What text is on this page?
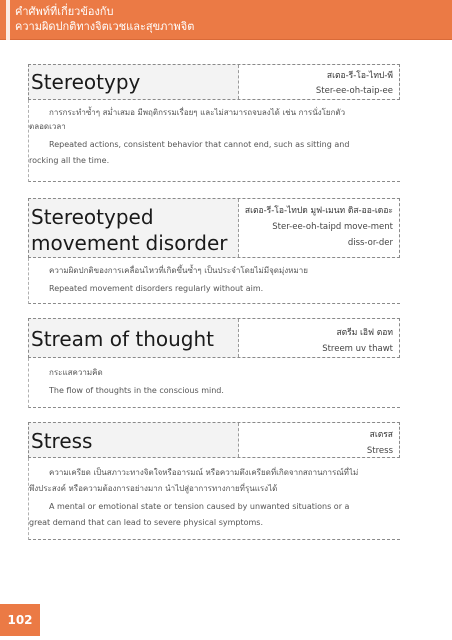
คำศัพท์ที่เกี่ยวข้องกับ
ความผิดปกติทางจิตเวชและสุขภาพจิต
Stereotypy	สเตอ-รี-โอ-ไทป-พี
Ster-ee-oh-taip-ee
การกระทำซ้ำๆ สม่ำเสมอ มีพฤติกรรมเรื่อยๆ และไม่สามารถจบลงได้ เช่น การนั่งโยกตัว
ตลอดเวลา
Repeated actions, consistent behavior that cannot end, such as sitting and
rocking all the time.
Stereotyped
movement disorder
สเตอ-รี-โอ-ไทปด มูฟ-เมนท ดิส-ออ-เดอะ
Ster-ee-oh-taipd move-ment
diss-or-der
ความผิดปกติของการเคลื่อนไหวที่เกิดขึ้นซ้ำๆ เป็นประจำโดยไม่มีจุดมุ่งหมาย
Repeated movement disorders regularly without aim.
Stream of thought	สตรีม เอิฟ ตอท
Streem uv thawt
กระแสความคิด
The flow of thoughts in the conscious mind.
Stress	สเตรส
Stress
ความเครียด เป็นสภาวะทางจิตใจหรืออารมณ์ หรือความตึงเครียดที่เกิดจากสถานการณ์ที่ไม่
พึงประสงค์ หรือความต้องการอย่างมาก นำไปสู่อาการทางกายที่รุนแรงได้
A mental or emotional state or tension caused by unwanted situations or a
great demand that can lead to severe physical symptoms.
102
